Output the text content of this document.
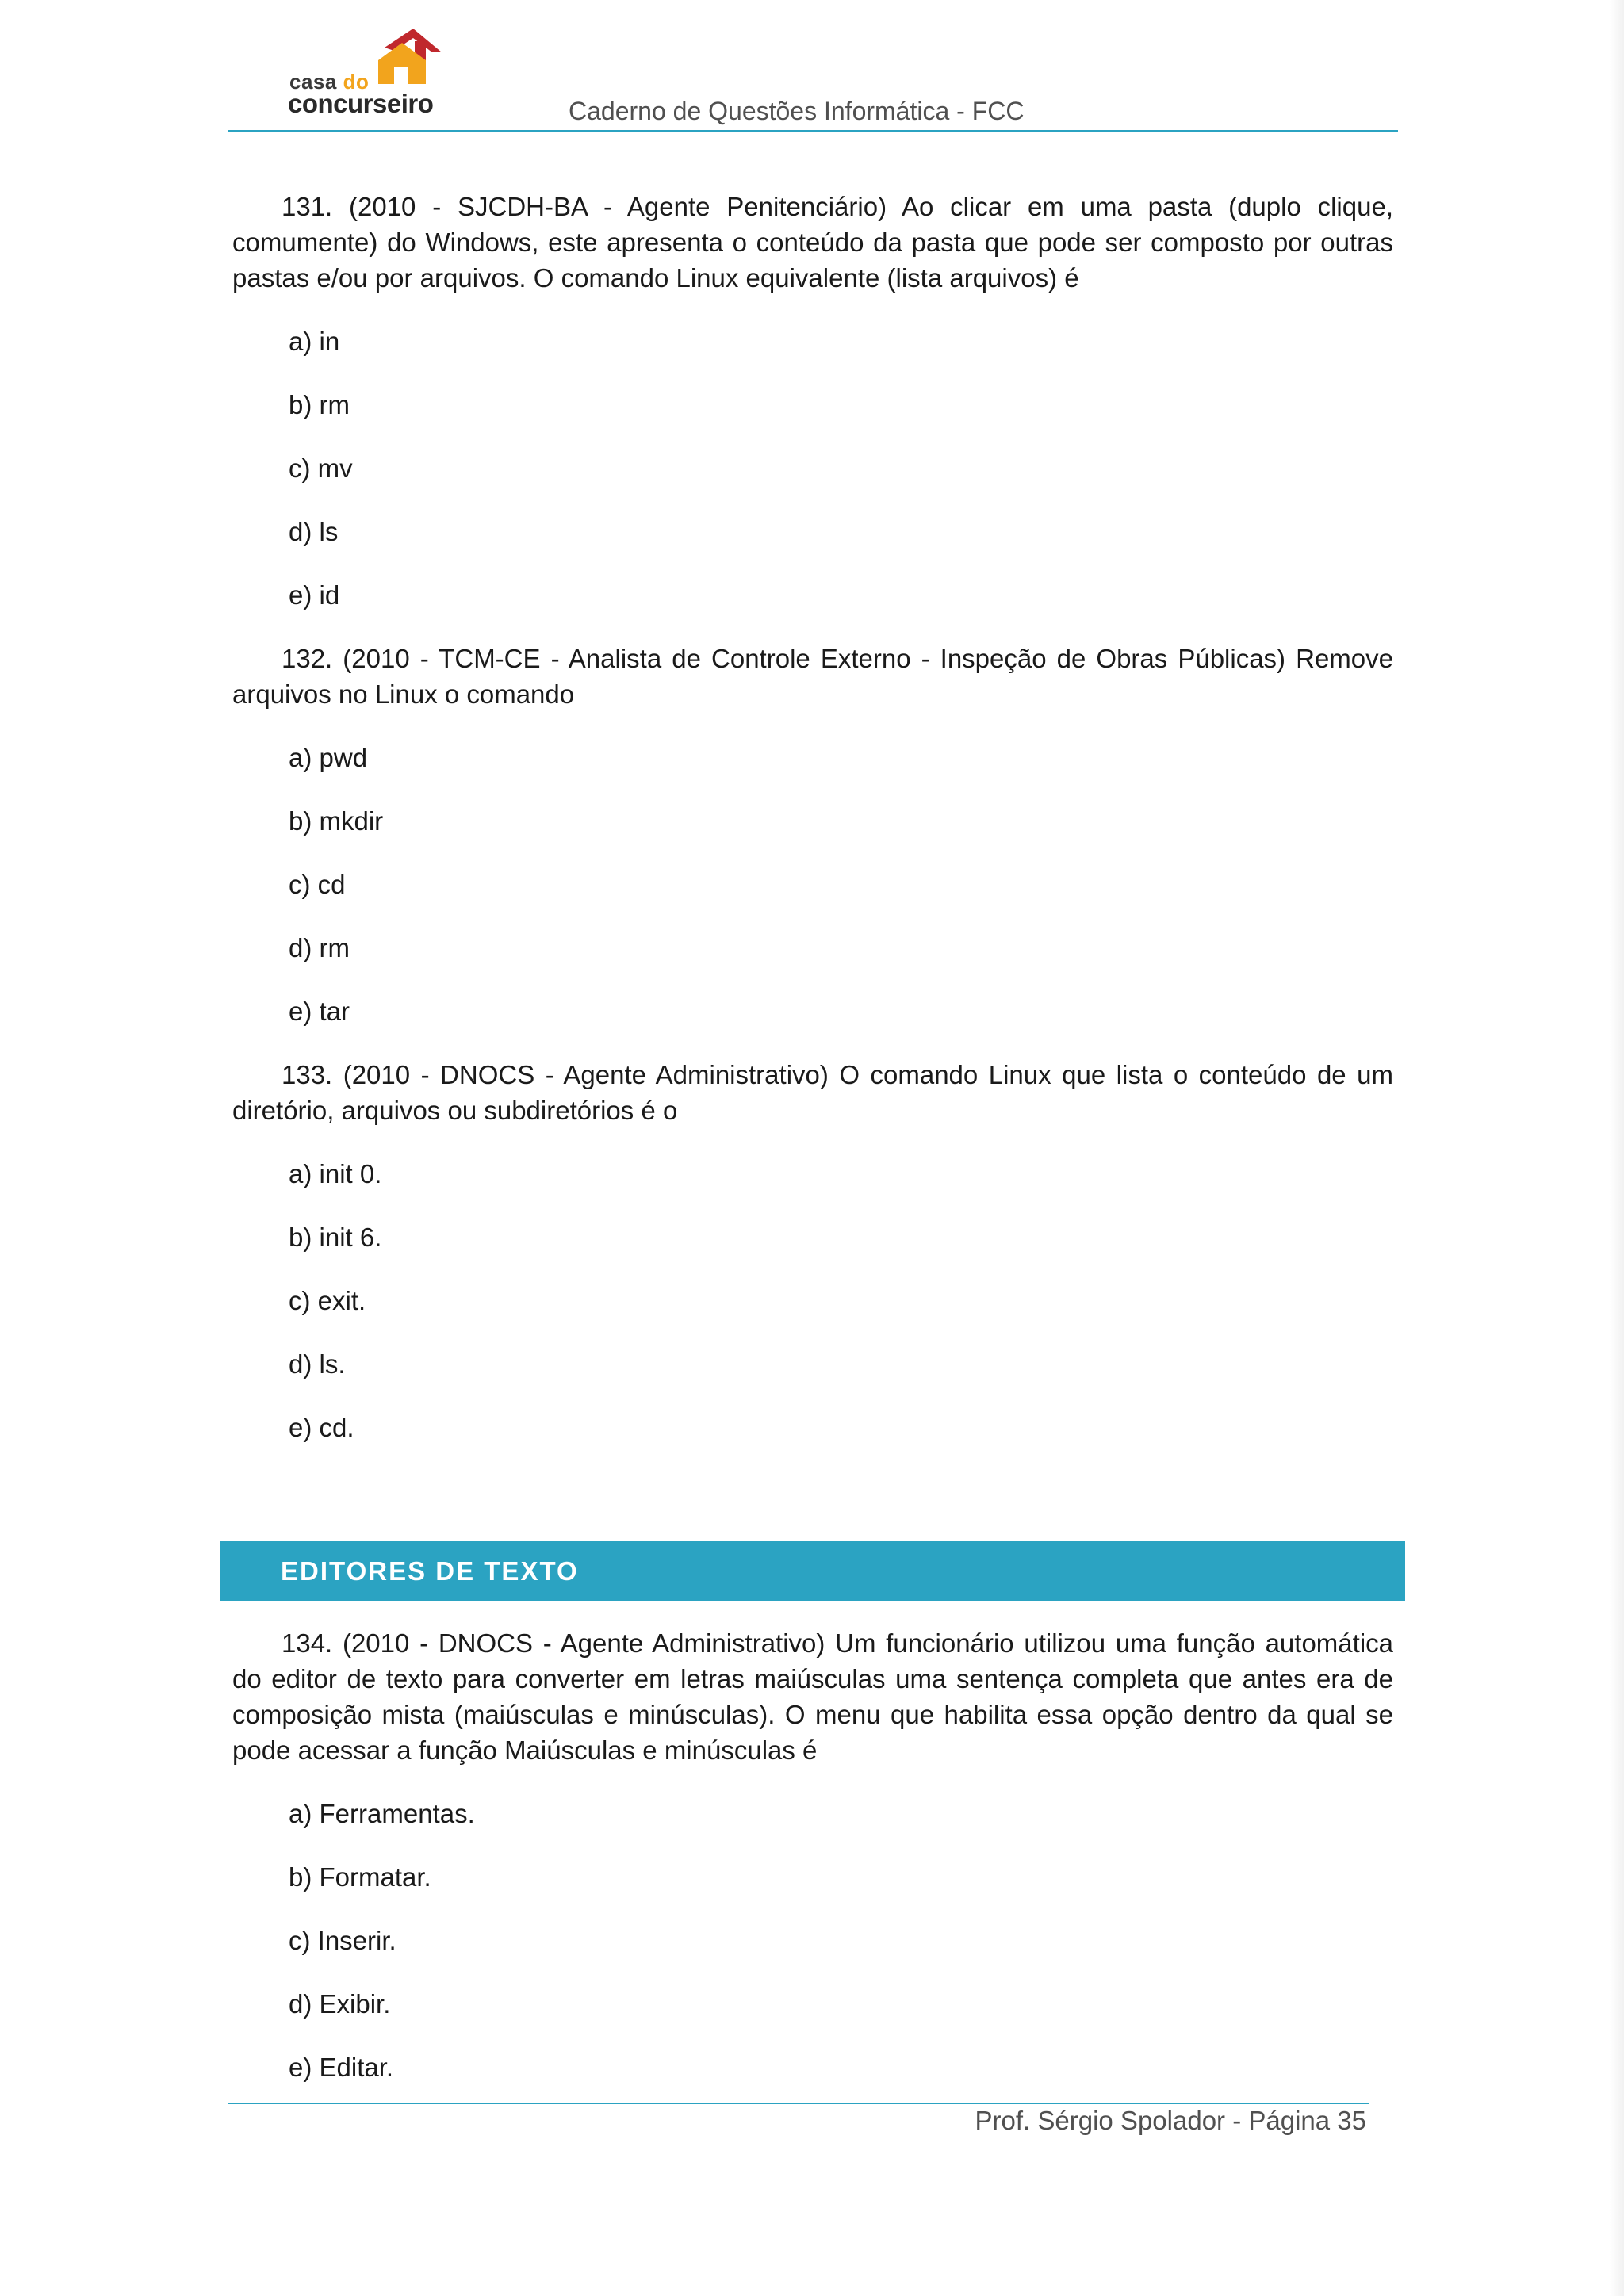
casa do
concurseiro	Caderno de Questões Informática - FCC

131. (2010 - SJCDH-BA - Agente Penitenciário) Ao clicar em uma pasta (duplo clique, comumente) do Windows, este apresenta o conteúdo da pasta que pode ser composto por outras pastas e/ou por arquivos. O comando Linux equivalente (lista arquivos) é

a) in

b) rm

c) mv

d) ls

e) id

132. (2010 - TCM-CE - Analista de Controle Externo - Inspeção de Obras Públicas) Remove arquivos no Linux o comando

a) pwd

b) mkdir

c) cd

d) rm

e) tar

133. (2010 - DNOCS - Agente Administrativo) O comando Linux que lista o conteúdo de um diretório, arquivos ou subdiretórios é o

a) init 0.

b) init 6.

c) exit.

d) ls.

e) cd.

EDITORES DE TEXTO

134. (2010 - DNOCS - Agente Administrativo) Um funcionário utilizou uma função automática do editor de texto para converter em letras maiúsculas uma sentença completa que antes era de composição mista (maiúsculas e minúsculas). O menu que habilita essa opção dentro da qual se pode acessar a função Maiúsculas e minúsculas é

a) Ferramentas.

b) Formatar.

c) Inserir.

d) Exibir.

e) Editar.

Prof. Sérgio Spolador - Página 35
